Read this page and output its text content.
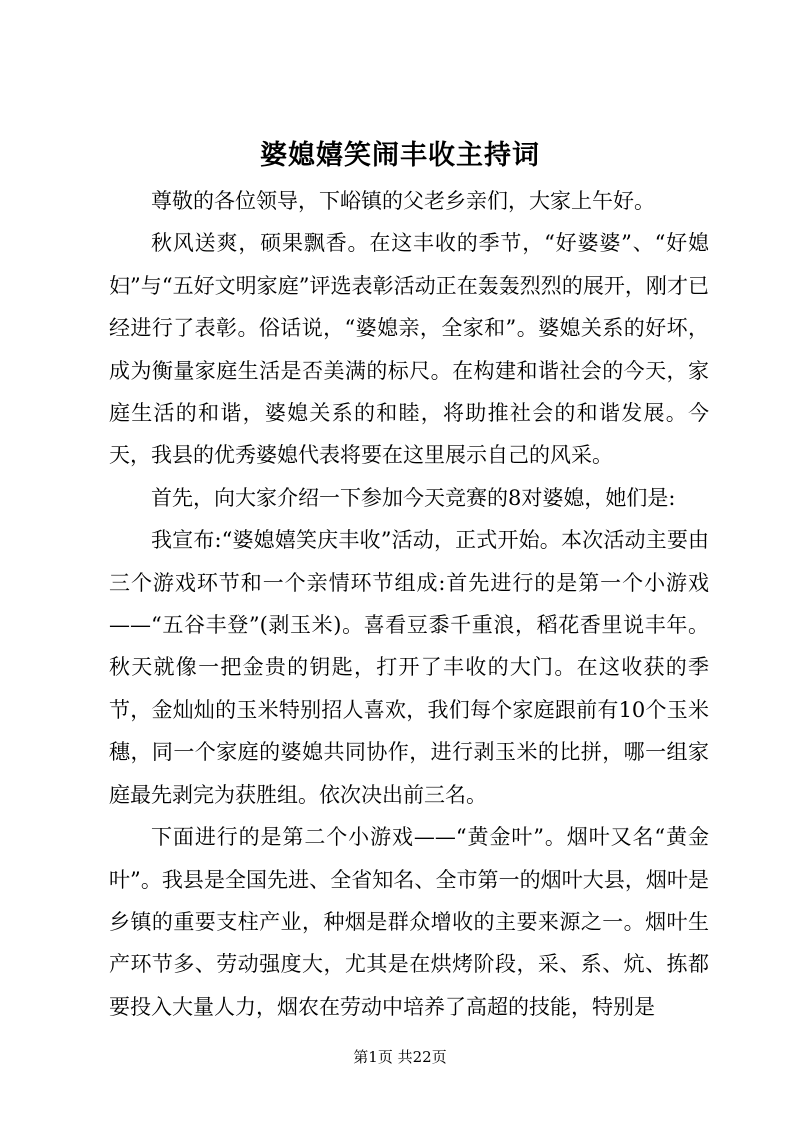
婆媳嬉笑闹丰收主持词

尊敬的各位领导，下峪镇的父老乡亲们，大家上午好。

秋风送爽，硕果飘香。在这丰收的季节，“好婆婆”、“好媳妇”与“五好文明家庭”评选表彰活动正在轰轰烈烈的展开，刚才已经进行了表彰。俗话说，“婆媳亲，全家和”。婆媳关系的好坏，成为衡量家庭生活是否美满的标尺。在构建和谐社会的今天，家庭生活的和谐，婆媳关系的和睦，将助推社会的和谐发展。今天，我县的优秀婆媳代表将要在这里展示自己的风采。

首先，向大家介绍一下参加今天竞赛的8对婆媳，她们是:

我宣布:“婆媳嬉笑庆丰收”活动，正式开始。本次活动主要由三个游戏环节和一个亲情环节组成:首先进行的是第一个小游戏——“五谷丰登”(剥玉米)。喜看豆黍千重浪，稻花香里说丰年。秋天就像一把金贵的钥匙，打开了丰收的大门。在这收获的季节，金灿灿的玉米特别招人喜欢，我们每个家庭跟前有10个玉米穗，同一个家庭的婆媳共同协作，进行剥玉米的比拼，哪一组家庭最先剥完为获胜组。依次决出前三名。

下面进行的是第二个小游戏——“黄金叶”。烟叶又名“黄金叶”。我县是全国先进、全省知名、全市第一的烟叶大县，烟叶是乡镇的重要支柱产业，种烟是群众增收的主要来源之一。烟叶生产环节多、劳动强度大，尤其是在烘烤阶段，采、系、炕、拣都要投入大量人力，烟农在劳动中培养了高超的技能，特别是

第1页 共22页
